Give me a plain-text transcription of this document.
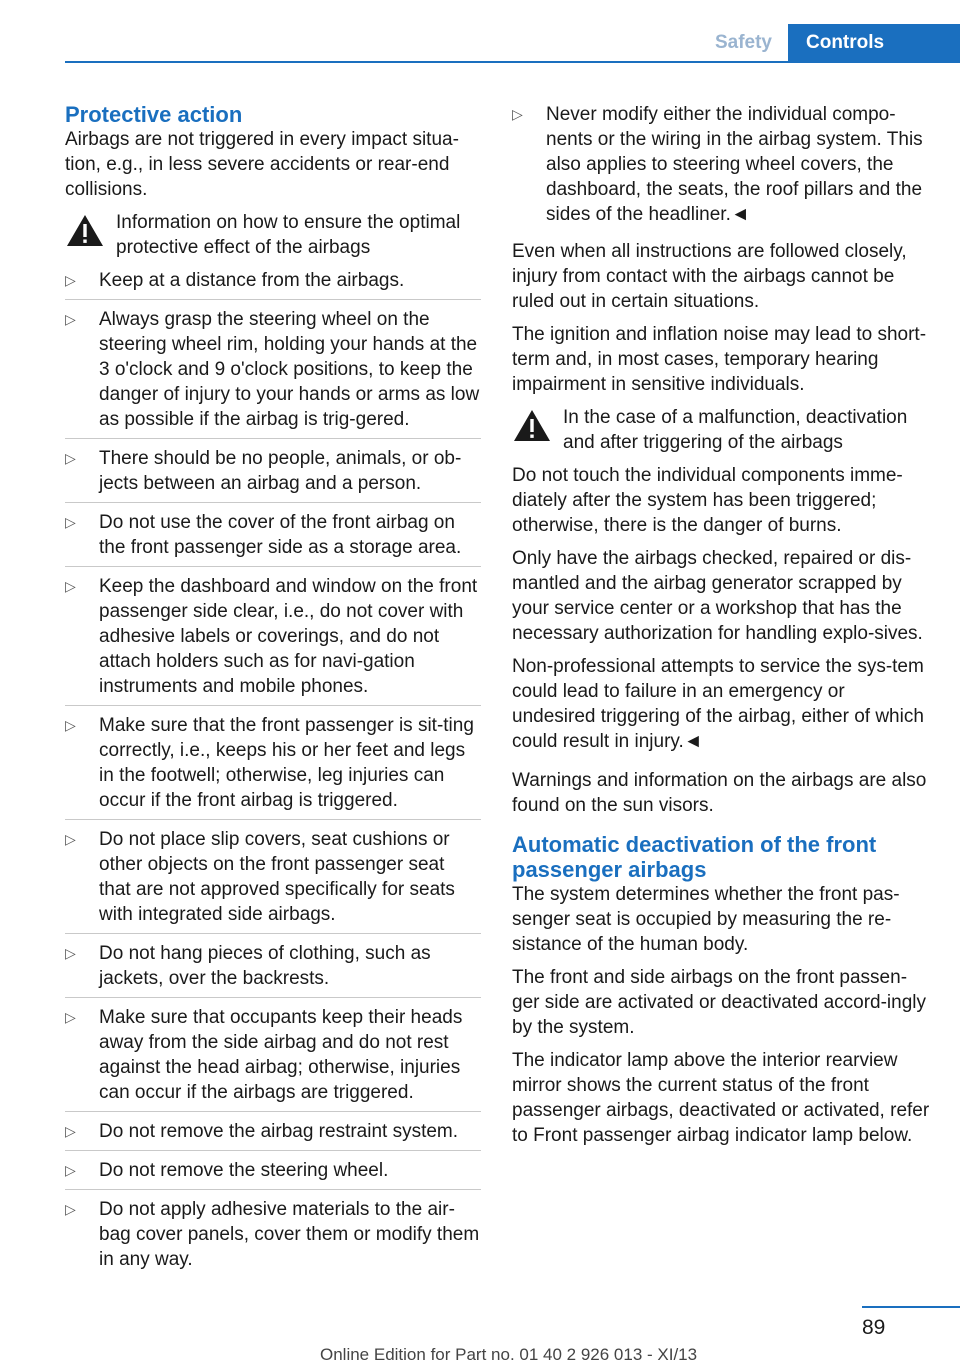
Safety	Controls
Protective action

Airbags are not triggered in every impact situa-tion, e.g., in less severe accidents or rear-end collisions.

Information on how to ensure the optimal protective effect of the airbags
▷ Keep at a distance from the airbags.
▷ Always grasp the steering wheel on the steering wheel rim, holding your hands at the 3 o'clock and 9 o'clock positions, to keep the danger of injury to your hands or arms as low as possible if the airbag is trig-gered.
▷ There should be no people, animals, or ob-jects between an airbag and a person.
▷ Do not use the cover of the front airbag on the front passenger side as a storage area.
▷ Keep the dashboard and window on the front passenger side clear, i.e., do not cover with adhesive labels or coverings, and do not attach holders such as for navi-gation instruments and mobile phones.
▷ Make sure that the front passenger is sit-ting correctly, i.e., keeps his or her feet and legs in the footwell; otherwise, leg injuries can occur if the front airbag is triggered.
▷ Do not place slip covers, seat cushions or other objects on the front passenger seat that are not approved specifically for seats with integrated side airbags.
▷ Do not hang pieces of clothing, such as jackets, over the backrests.
▷ Make sure that occupants keep their heads away from the side airbag and do not rest against the head airbag; otherwise, injuries can occur if the airbags are triggered.
▷ Do not remove the airbag restraint system.
▷ Do not remove the steering wheel.
▷ Do not apply adhesive materials to the air-bag cover panels, cover them or modify them in any way.
▷ Never modify either the individual compo-nents or the wiring in the airbag system. This also applies to steering wheel covers, the dashboard, the seats, the roof pillars and the sides of the headliner.◄

Even when all instructions are followed closely, injury from contact with the airbags cannot be ruled out in certain situations.

The ignition and inflation noise may lead to short-term and, in most cases, temporary hearing impairment in sensitive individuals.

In the case of a malfunction, deactivation and after triggering of the airbags

Do not touch the individual components imme-diately after the system has been triggered; otherwise, there is the danger of burns.

Only have the airbags checked, repaired or dis-mantled and the airbag generator scrapped by your service center or a workshop that has the necessary authorization for handling explo-sives.

Non-professional attempts to service the sys-tem could lead to failure in an emergency or undesired triggering of the airbag, either of which could result in injury.◄

Warnings and information on the airbags are also found on the sun visors.

Automatic deactivation of the front passenger airbags

The system determines whether the front pas-senger seat is occupied by measuring the re-sistance of the human body.

The front and side airbags on the front passen-ger side are activated or deactivated accord-ingly by the system.

The indicator lamp above the interior rearview mirror shows the current status of the front passenger airbags, deactivated or activated, refer to Front passenger airbag indicator lamp below.

89
Online Edition for Part no. 01 40 2 926 013 - XI/13
